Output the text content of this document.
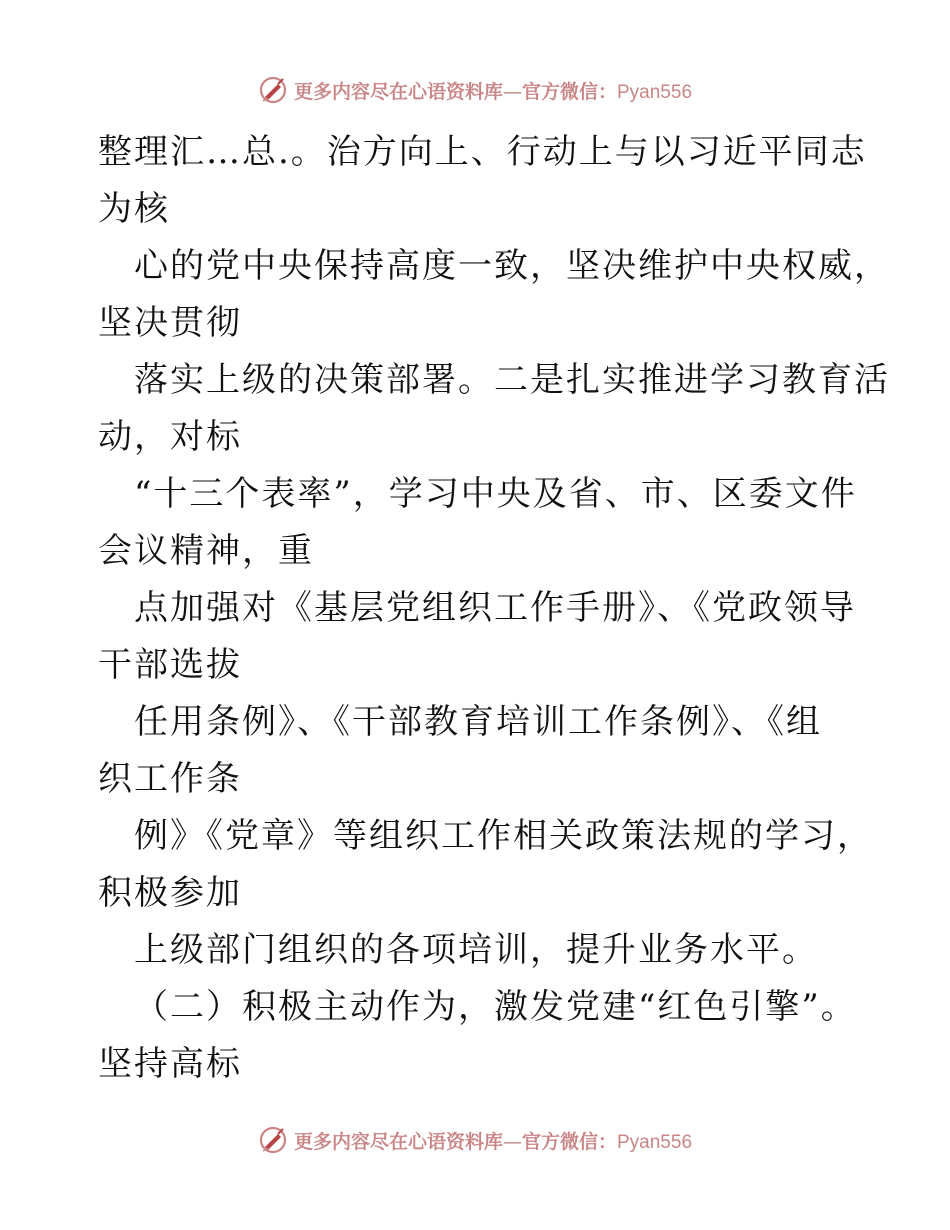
更多内容尽在心语资料库—官方微信：Pyan556
整理汇…总.。治方向上、行动上与以习近平同志
为核
心的党中央保持高度一致，坚决维护中央权威，
坚决贯彻
落实上级的决策部署。二是扎实推进学习教育活
动，对标
“十三个表率”，学习中央及省、市、区委文件
会议精神，重
点加强对《基层党组织工作手册》、《党政领导
干部选拔
任用条例》、《干部教育培训工作条例》、《组
织工作条
例》《党章》等组织工作相关政策法规的学习，
积极参加
上级部门组织的各项培训，提升业务水平。
（二）积极主动作为，激发党建“红色引擎”。
坚持高标
更多内容尽在心语资料库—官方微信：Pyan556
